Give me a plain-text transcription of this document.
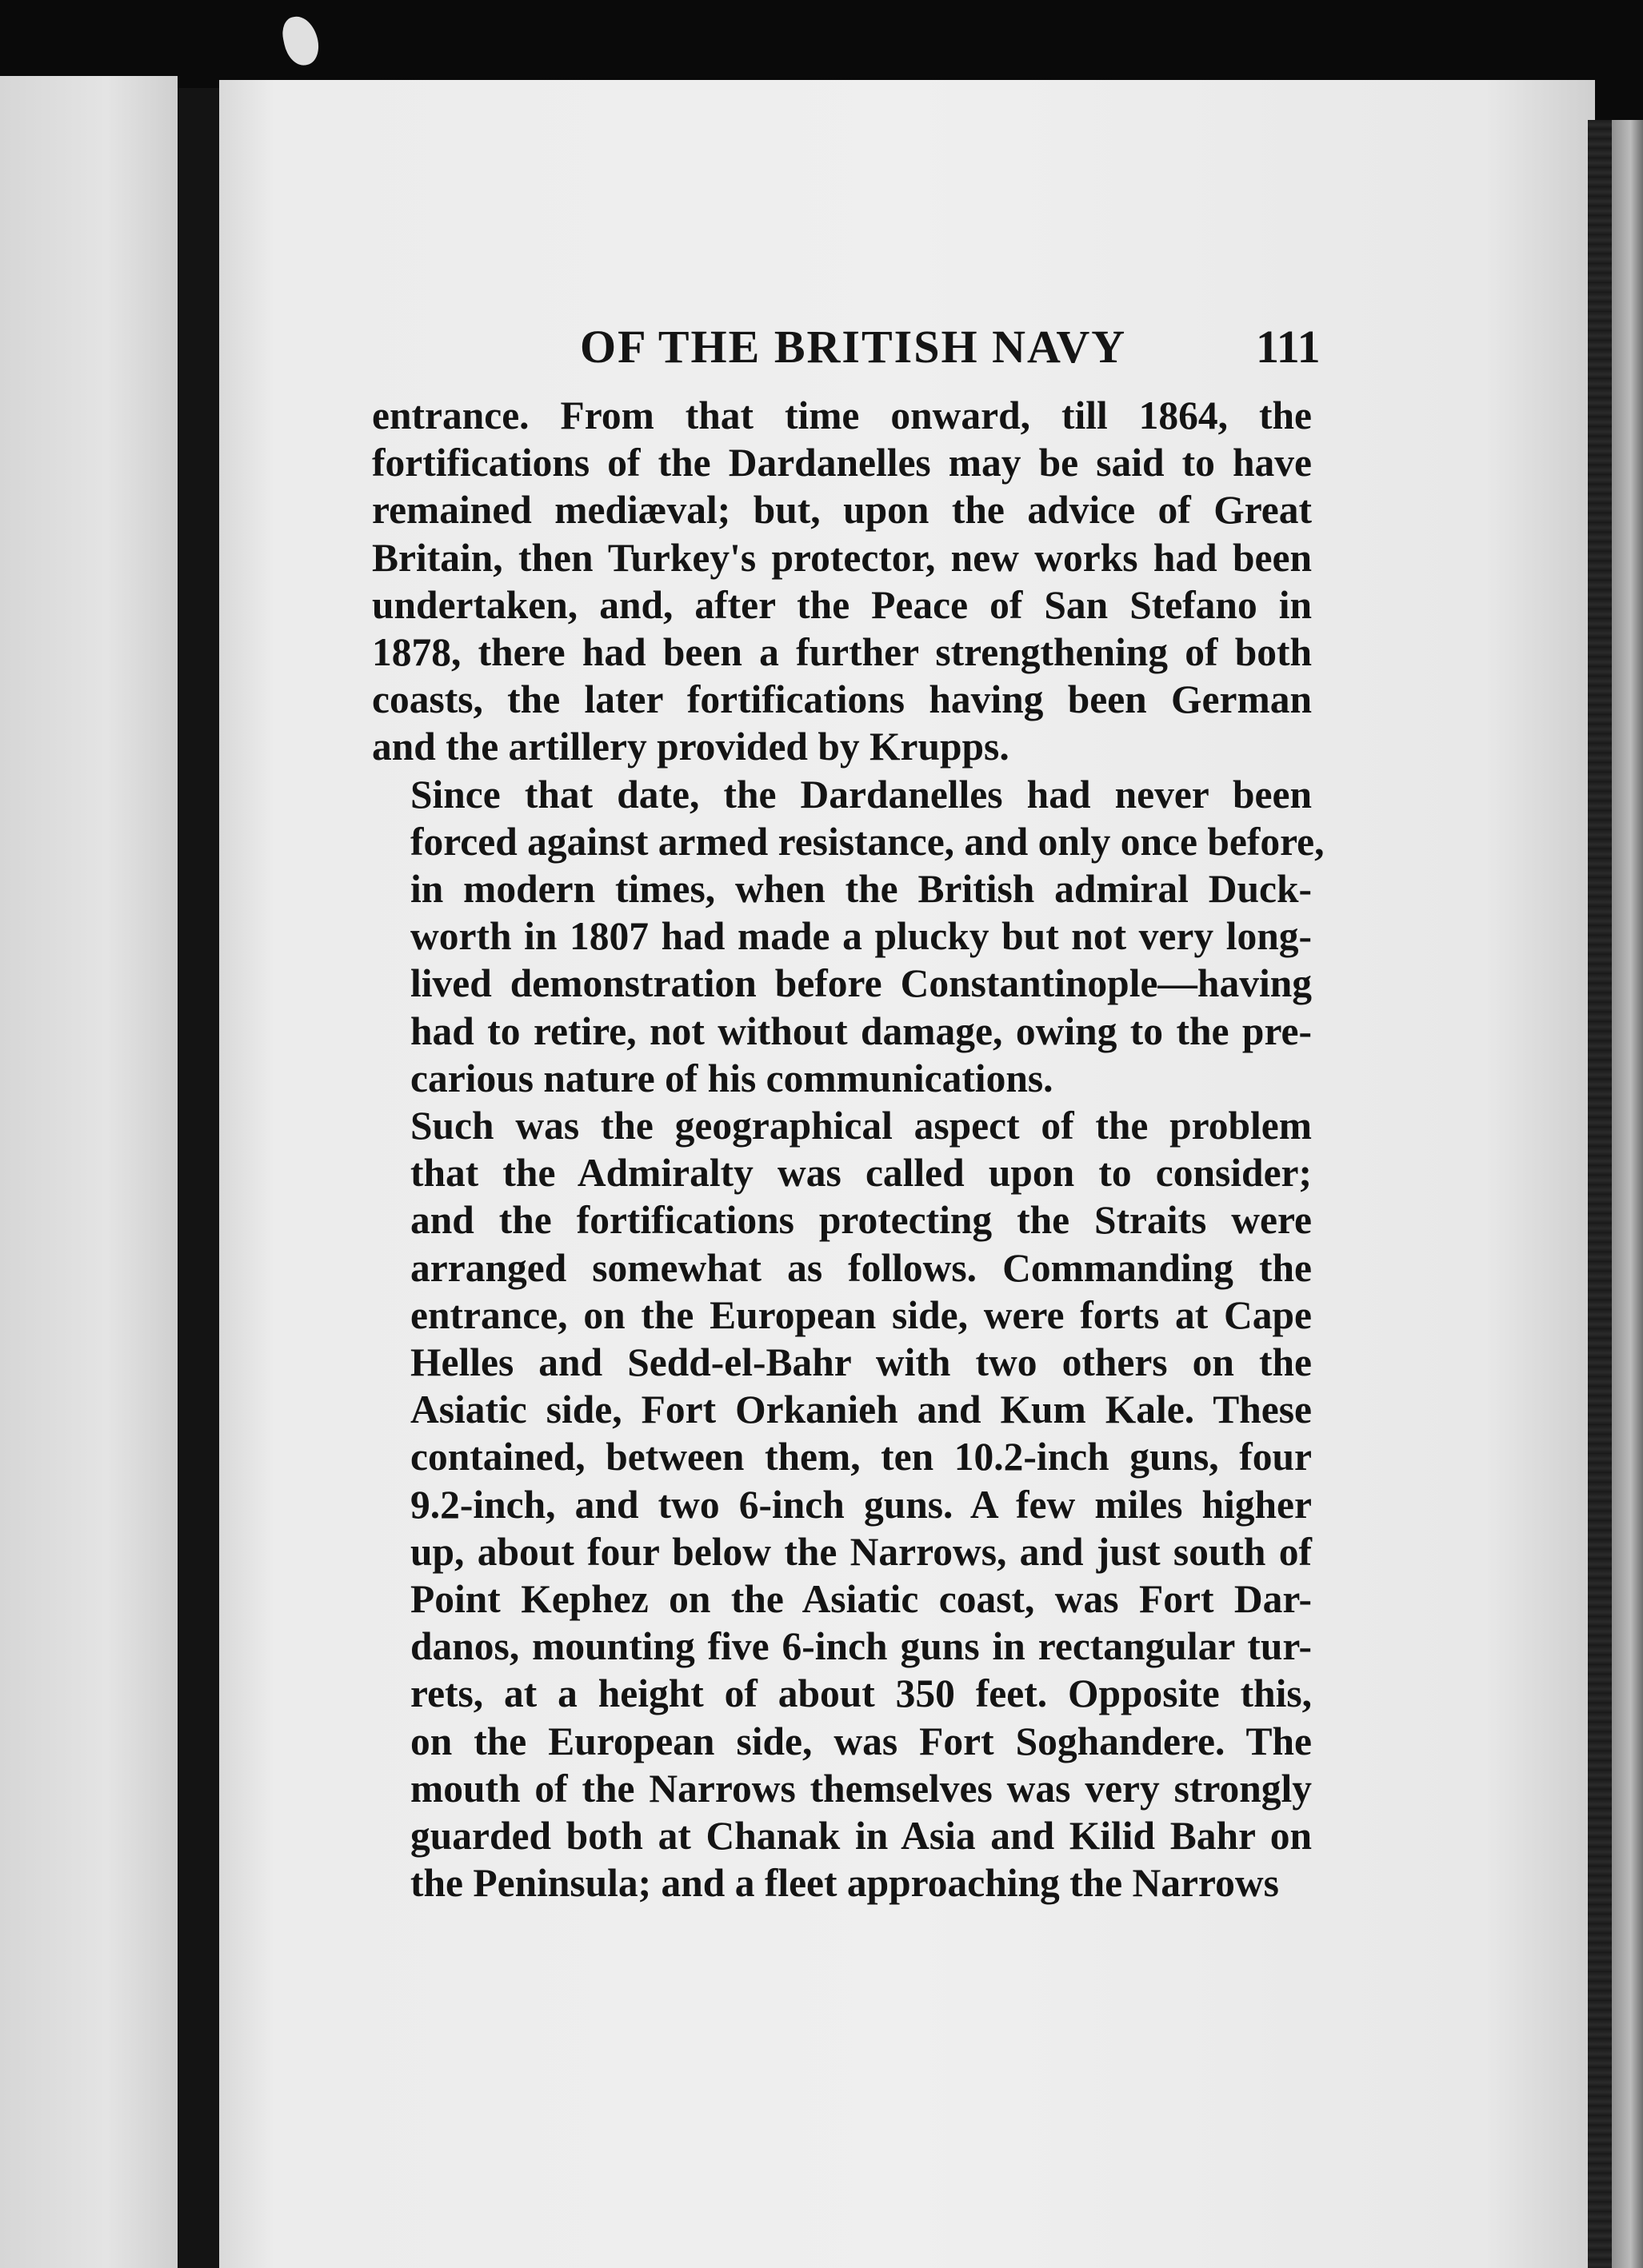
OF THE BRITISH NAVY	111
entrance. From that time onward, till 1864, the
fortifications of the Dardanelles may be said to have
remained mediæval; but, upon the advice of Great
Britain, then Turkey's protector, new works had been
undertaken, and, after the Peace of San Stefano in
1878, there had been a further strengthening of both
coasts, the later fortifications having been German
and the artillery provided by Krupps.
Since that date, the Dardanelles had never been
forced against armed resistance, and only once before,
in modern times, when the British admiral Duck-
worth in 1807 had made a plucky but not very long-
lived demonstration before Constantinople—having
had to retire, not without damage, owing to the pre-
carious nature of his communications.
Such was the geographical aspect of the problem
that the Admiralty was called upon to consider;
and the fortifications protecting the Straits were
arranged somewhat as follows. Commanding the
entrance, on the European side, were forts at Cape
Helles and Sedd-el-Bahr with two others on the
Asiatic side, Fort Orkanieh and Kum Kale. These
contained, between them, ten 10.2-inch guns, four
9.2-inch, and two 6-inch guns. A few miles higher
up, about four below the Narrows, and just south of
Point Kephez on the Asiatic coast, was Fort Dar-
danos, mounting five 6-inch guns in rectangular tur-
rets, at a height of about 350 feet. Opposite this,
on the European side, was Fort Soghandere. The
mouth of the Narrows themselves was very strongly
guarded both at Chanak in Asia and Kilid Bahr on
the Peninsula; and a fleet approaching the Narrows
